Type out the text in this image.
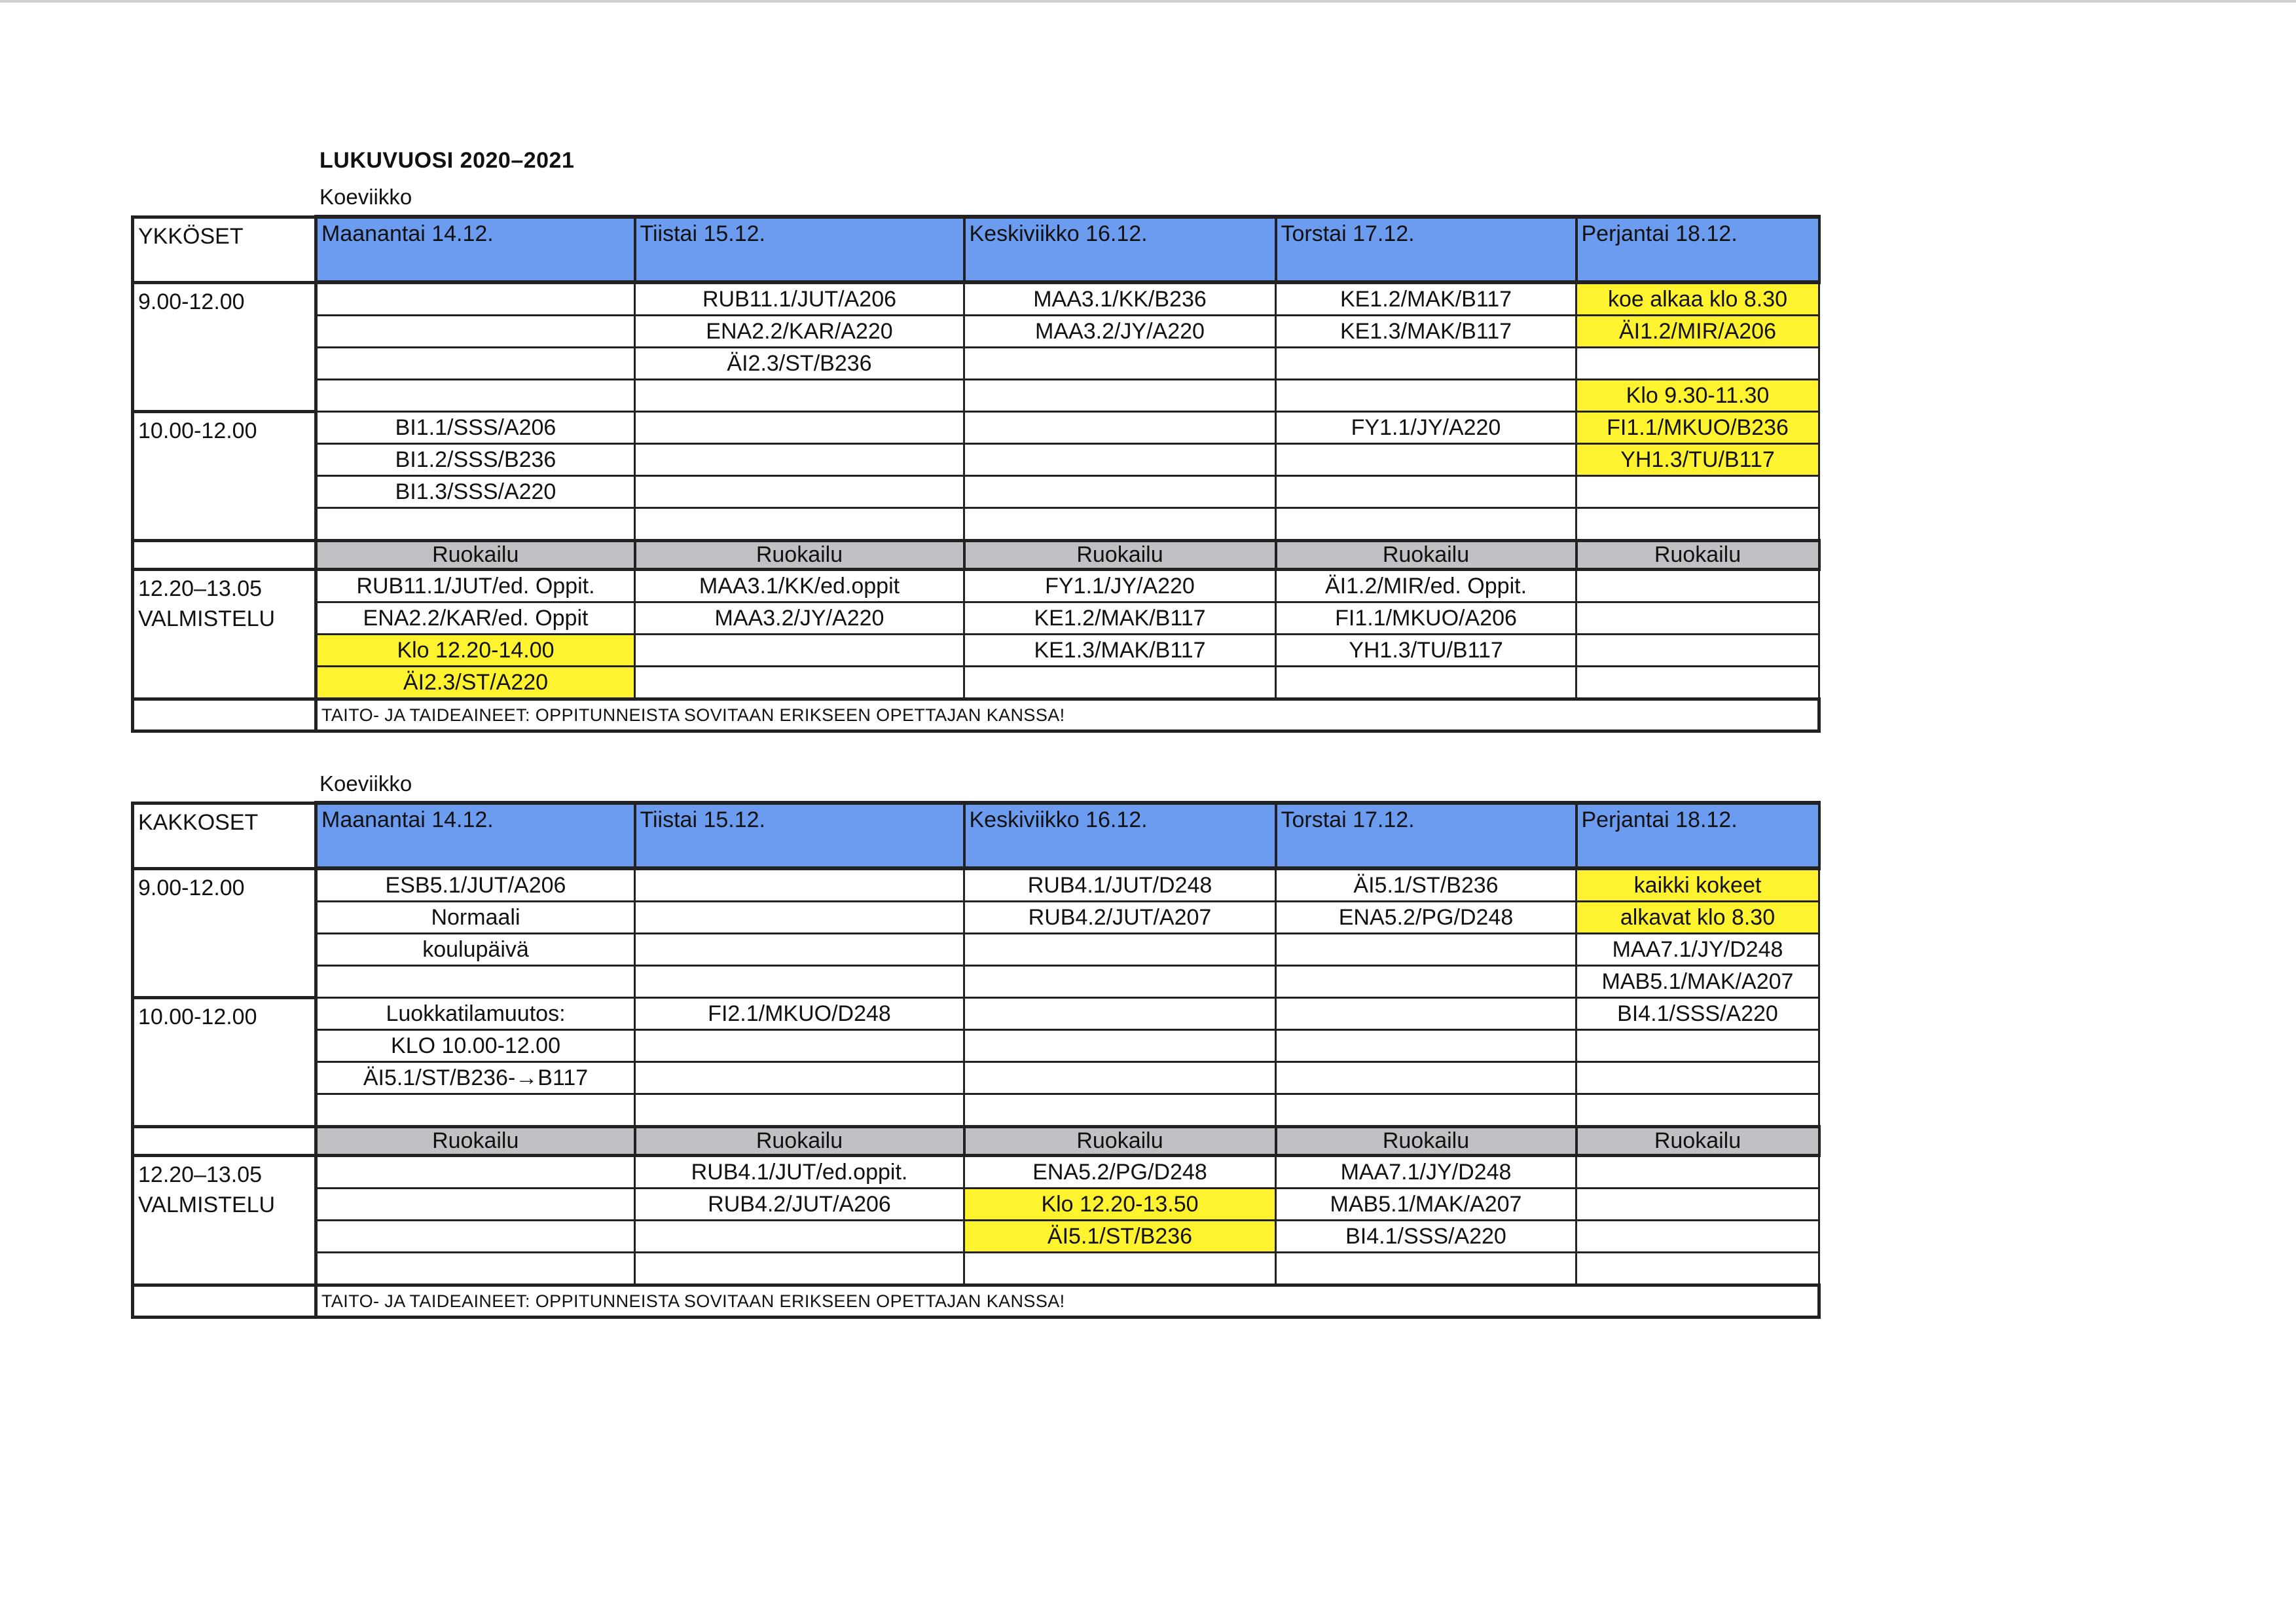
LUKUVUOSI 2020–2021
Koeviikko
YKKÖSET	Maanantai 14.12.	Tiistai 15.12.	Keskiviikko 16.12.	Torstai 17.12.	Perjantai 18.12.
9.00-12.00		RUB11.1/JUT/A206	MAA3.1/KK/B236	KE1.2/MAK/B117	koe alkaa klo 8.30
		ENA2.2/KAR/A220	MAA3.2/JY/A220	KE1.3/MAK/B117	ÄI1.2/MIR/A206
		ÄI2.3/ST/B236			
					Klo 9.30-11.30
10.00-12.00	BI1.1/SSS/A206			FY1.1/JY/A220	FI1.1/MKUO/B236
	BI1.2/SSS/B236				YH1.3/TU/B117
	BI1.3/SSS/A220				

	Ruokailu	Ruokailu	Ruokailu	Ruokailu	Ruokailu

12.20–13.05
VALMISTELU	RUB11.1/JUT/ed. Oppit.	MAA3.1/KK/ed.oppit	FY1.1/JY/A220	ÄI1.2/MIR/ed. Oppit.	
	ENA2.2/KAR/ed. Oppit	MAA3.2/JY/A220	KE1.2/MAK/B117	FI1.1/MKUO/A206	
	Klo 12.20-14.00		KE1.3/MAK/B117	YH1.3/TU/B117	
	ÄI2.3/ST/A220				
	TAITO- JA TAIDEAINEET: OPPITUNNEISTA SOVITAAN ERIKSEEN OPETTAJAN KANSSA!				
Koeviikko
KAKKOSET	Maanantai 14.12.	Tiistai 15.12.	Keskiviikko 16.12.	Torstai 17.12.	Perjantai 18.12.
9.00-12.00	ESB5.1/JUT/A206		RUB4.1/JUT/D248	ÄI5.1/ST/B236	kaikki kokeet
	Normaali		RUB4.2/JUT/A207	ENA5.2/PG/D248	alkavat klo 8.30
	koulupäivä				MAA7.1/JY/D248
					MAB5.1/MAK/A207
10.00-12.00	Luokkatilamuutos:	FI2.1/MKUO/D248			BI4.1/SSS/A220
	KLO 10.00-12.00				
	ÄI5.1/ST/B236-→B117				

	Ruokailu	Ruokailu	Ruokailu	Ruokailu	Ruokailu

12.20–13.05
VALMISTELU		RUB4.1/JUT/ed.oppit.	ENA5.2/PG/D248	MAA7.1/JY/D248	
		RUB4.2/JUT/A206	Klo 12.20-13.50	MAB5.1/MAK/A207	
			ÄI5.1/ST/B236	BI4.1/SSS/A220	

	TAITO- JA TAIDEAINEET: OPPITUNNEISTA SOVITAAN ERIKSEEN OPETTAJAN KANSSA!				
